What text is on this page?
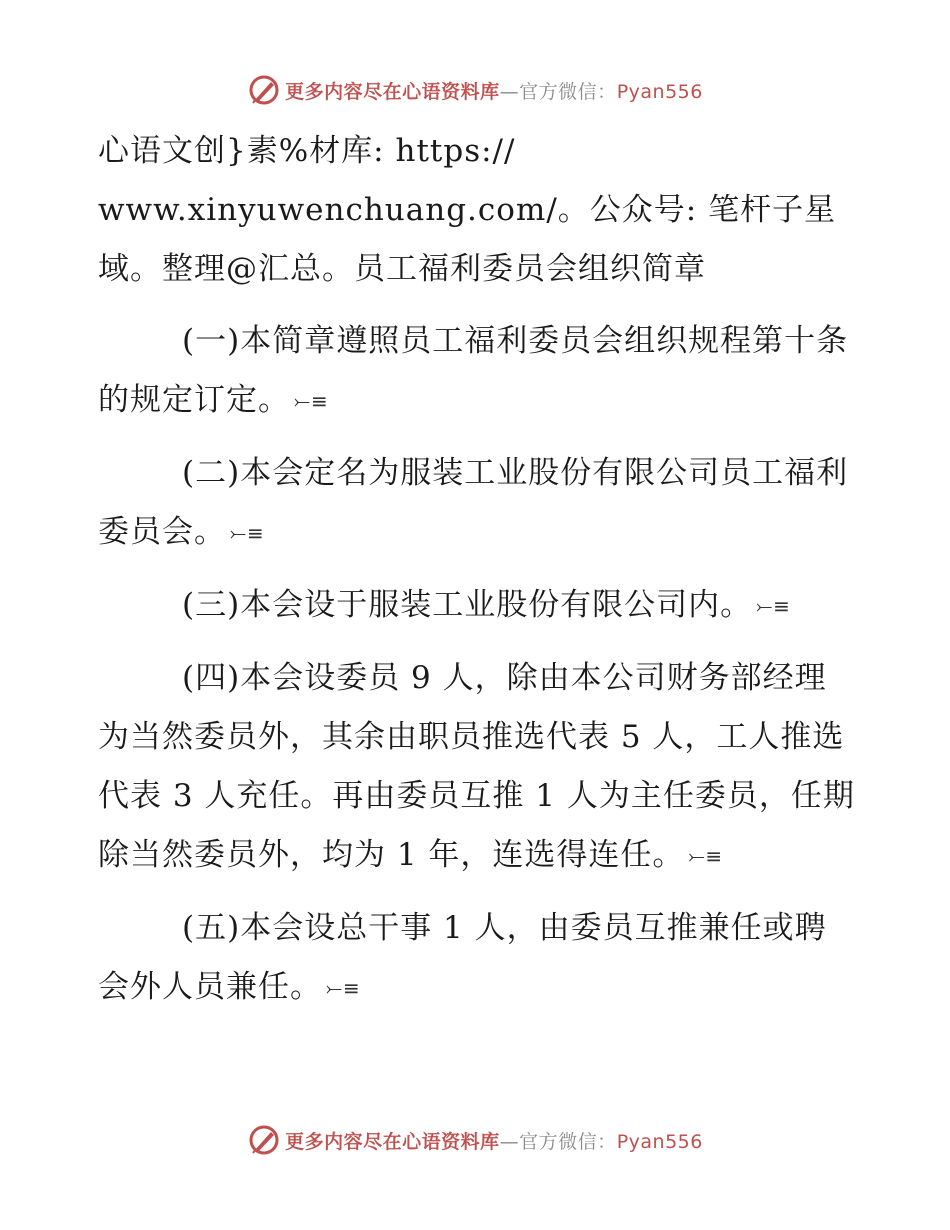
更多内容尽在心语资料库—官方微信：Pyan556

心语文创}素%材库: https://
www.xinyuwenchuang.com/。公众号: 笔杆子星
域。整理@汇总。员工福利委员会组织简章

(一)本简章遵照员工福利委员会组织规程第十条的规定订定。 ⤚≡

(二)本会定名为服装工业股份有限公司员工福利委员会。 ⤚≡

(三)本会设于服装工业股份有限公司内。 ⤚≡

(四)本会设委员 9 人，除由本公司财务部经理为当然委员外，其余由职员推选代表 5 人，工人推选代表 3 人充任。再由委员互推 1 人为主任委员，任期除当然委员外，均为 1 年，连选得连任。 ⤚≡

(五)本会设总干事 1 人，由委员互推兼任或聘会外人员兼任。 ⤚≡

更多内容尽在心语资料库—官方微信：Pyan556
